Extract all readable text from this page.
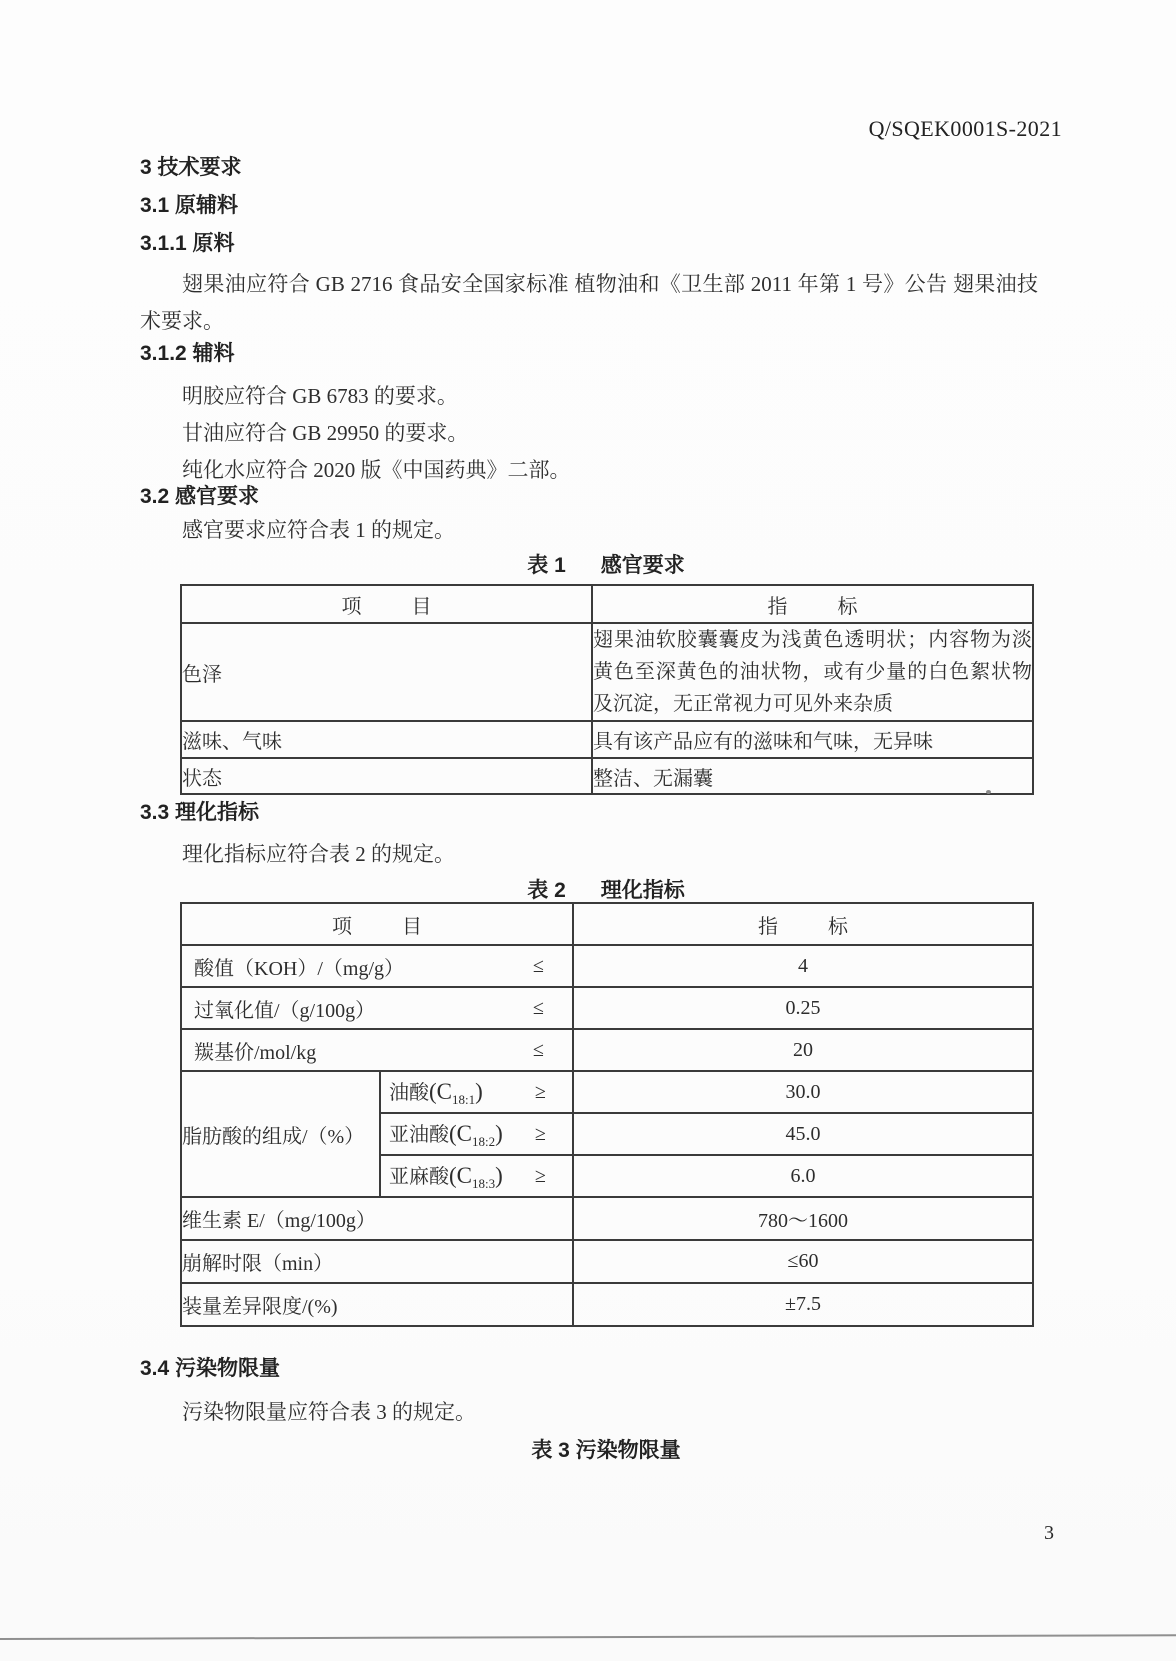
Q/SQEK0001S-2021
3 技术要求
3.1 原辅料
3.1.1 原料
翅果油应符合 GB 2716 食品安全国家标准 植物油和《卫生部 2011 年第 1 号》公告 翅果油技术要求。
3.1.2 辅料
明胶应符合 GB 6783 的要求。
甘油应符合 GB 29950 的要求。
纯化水应符合 2020 版《中国药典》二部。
3.2 感官要求
感官要求应符合表 1 的规定。
表 1      感官要求
项          目	指          标
色泽	翅果油软胶囊囊皮为浅黄色透明状；内容物为淡黄色至深黄色的油状物，或有少量的白色絮状物及沉淀，无正常视力可见外来杂质
滋味、气味	具有该产品应有的滋味和气味，无异味
状态	整洁、无漏囊
3.3 理化指标
理化指标应符合表 2 的规定。
表 2      理化指标
项          目		指          标

酸值（KOH）/（mg/g） ≤		4

过氧化值/（g/100g） ≤		0.25

羰基价/mol/kg ≤		20
脂肪酸的组成/（%）	油酸$(C_{18:1})$ ≥	30.0

	亚油酸$(C_{18:2})$ ≥	45.0

	亚麻酸$(C_{18:3})$ ≥	6.0
维生素 E/（mg/100g）		780～1600
崩解时限（min）		≤60
装量差异限度/(%)		±7.5
3.4 污染物限量
污染物限量应符合表 3 的规定。
表 3 污染物限量
3
